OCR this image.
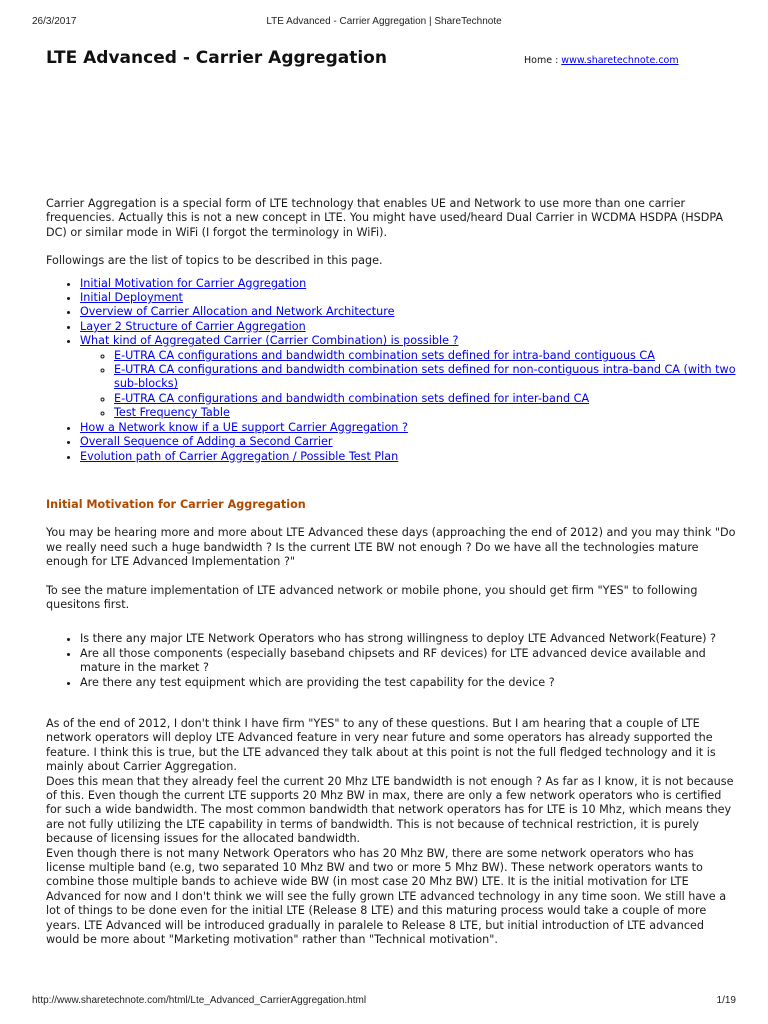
26/3/2017	LTE Advanced - Carrier Aggregation | ShareTechnote
LTE Advanced - Carrier Aggregation	Home : www.sharetechnote.com

Carrier Aggregation is a special form of LTE technology that enables UE and Network to use more than one carrier frequencies. Actually this is not a new concept in LTE. You might have used/heard Dual Carrier in WCDMA HSDPA (HSDPA DC) or similar mode in WiFi (I forgot the terminology in WiFi).

Followings are the list of topics to be described in this page.

• Initial Motivation for Carrier Aggregation
• Initial Deployment
• Overview of Carrier Allocation and Network Architecture
• Layer 2 Structure of Carrier Aggregation
• What kind of Aggregated Carrier (Carrier Combination) is possible ?
◦ E-UTRA CA configurations and bandwidth combination sets defined for intra-band contiguous CA
◦ E-UTRA CA configurations and bandwidth combination sets defined for non-contiguous intra-band CA (with two sub-blocks)
◦ E-UTRA CA configurations and bandwidth combination sets defined for inter-band CA
◦ Test Frequency Table
• How a Network know if a UE support Carrier Aggregation ?
• Overall Sequence of Adding a Second Carrier
• Evolution path of Carrier Aggregation / Possible Test Plan
Initial Motivation for Carrier Aggregation

You may be hearing more and more about LTE Advanced these days (approaching the end of 2012) and you may think "Do we really need such a huge bandwidth ? Is the current LTE BW not enough ? Do we have all the technologies mature enough for LTE Advanced Implementation ?"

To see the mature implementation of LTE advanced network or mobile phone, you should get firm "YES" to following quesitons first.

• Is there any major LTE Network Operators who has strong willingness to deploy LTE Advanced Network(Feature) ?
• Are all those components (especially baseband chipsets and RF devices) for LTE advanced device available and mature in the market ?
• Are there any test equipment which are providing the test capability for the device ?

As of the end of 2012, I don't think I have firm "YES" to any of these questions. But I am hearing that a couple of LTE network operators will deploy LTE Advanced feature in very near future and some operators has already supported the feature. I think this is true, but the LTE advanced they talk about at this point is not the full fledged technology and it is mainly about Carrier Aggregation.

Does this mean that they already feel the current 20 Mhz LTE bandwidth is not enough ? As far as I know, it is not because of this. Even though the current LTE supports 20 Mhz BW in max, there are only a few network operators who is certified for such a wide bandwidth. The most common bandwidth that network operators has for LTE is 10 Mhz, which means they are not fully utilizing the LTE capability in terms of bandwidth. This is not because of technical restriction, it is purely because of licensing issues for the allocated bandwidth.

Even though there is not many Network Operators who has 20 Mhz BW, there are some network operators who has license multiple band (e.g, two separated 10 Mhz BW and two or more 5 Mhz BW). These network operators wants to combine those multiple bands to achieve wide BW (in most case 20 Mhz BW) LTE. It is the initial motivation for LTE Advanced for now and I don't think we will see the fully grown LTE advanced technology in any time soon. We still have a lot of things to be done even for the initial LTE (Release 8 LTE) and this maturing process would take a couple of more years. LTE Advanced will be introduced gradually in paralele to Release 8 LTE, but initial introduction of LTE advanced would be more about "Marketing motivation" rather than "Technical motivation".

http://www.sharetechnote.com/html/Lte_Advanced_CarrierAggregation.html	1/19
